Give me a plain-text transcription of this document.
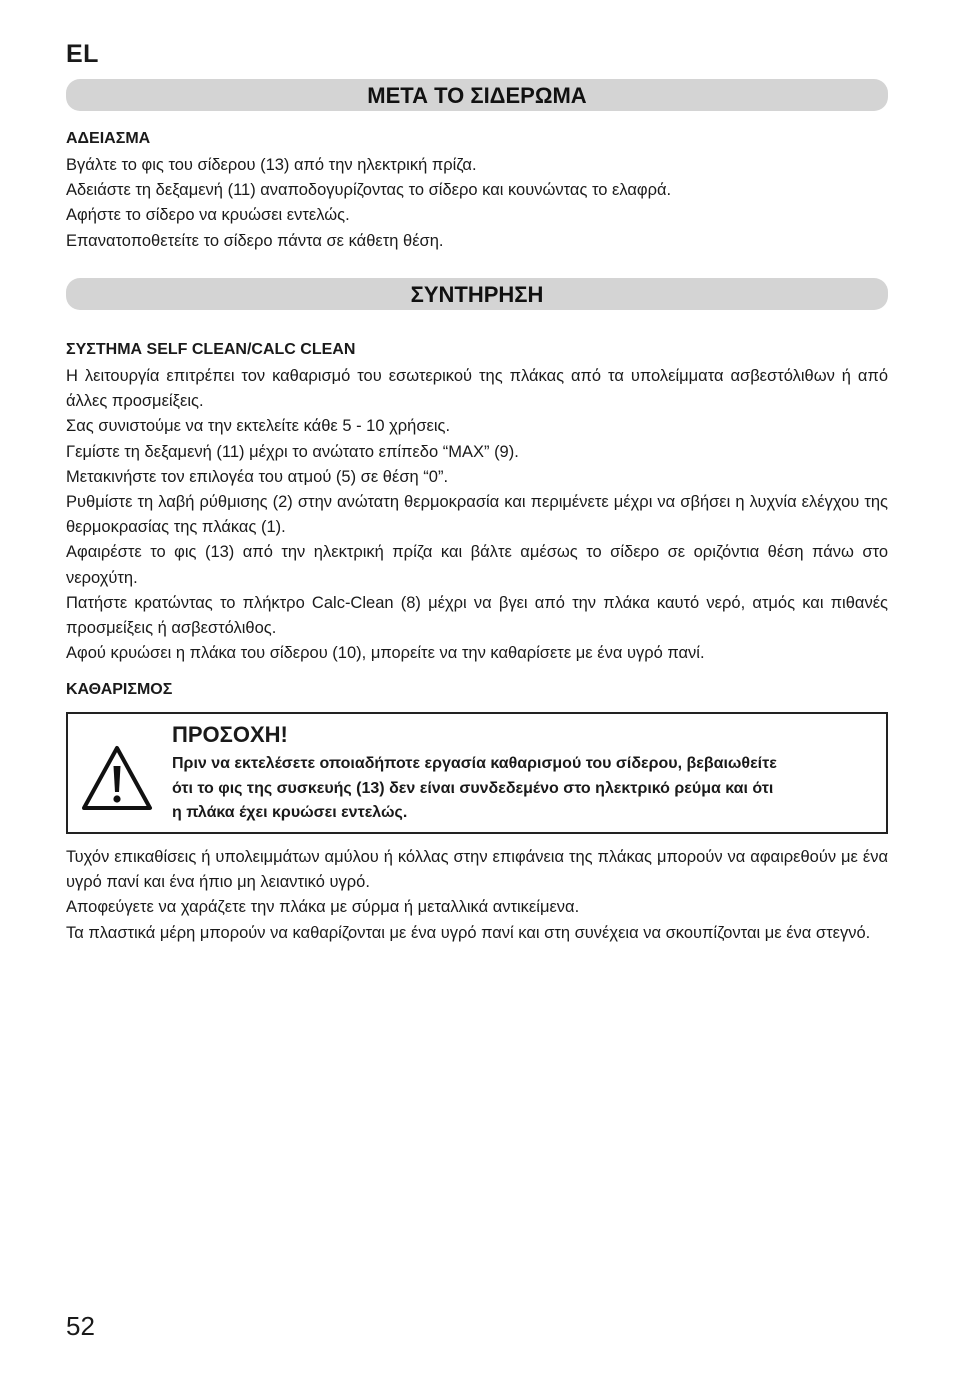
EL
ΜΕΤΑ ΤΟ ΣΙΔΕΡΩΜΑ
ΑΔΕΙΑΣΜΑ

Βγάλτε το φις του σίδερου (13) από την ηλεκτρική πρίζα.

Αδειάστε τη δεξαμενή (11) αναποδογυρίζοντας το σίδερο και κουνώντας το ελαφρά.

Αφήστε το σίδερο να κρυώσει εντελώς.

Επανατοποθετείτε το σίδερο πάντα σε κάθετη θέση.

ΣΥΝΤΗΡΗΣΗ
ΣΥΣΤΗΜΑ SELF CLEAN/CALC CLEAN

Η λειτουργία επιτρέπει τον καθαρισμό του εσωτερικού της πλάκας από τα υπολείμματα ασβεστόλιθων ή από άλλες προσμείξεις.

Σας συνιστούμε να την εκτελείτε κάθε 5 - 10 χρήσεις.

Γεμίστε τη δεξαμενή (11) μέχρι το ανώτατο επίπεδο “MAX” (9).

Μετακινήστε τον επιλογέα του ατμού (5) σε θέση “0”.

Ρυθμίστε τη λαβή ρύθμισης (2) στην ανώτατη θερμοκρασία και περιμένετε μέχρι να σβήσει η λυχνία ελέγχου της θερμοκρασίας της πλάκας (1).

Αφαιρέστε το φις (13) από την ηλεκτρική πρίζα και βάλτε αμέσως το σίδερο σε οριζόντια θέση πάνω στο νεροχύτη.

Πατήστε κρατώντας το πλήκτρο Calc-Clean (8) μέχρι να βγει από την πλάκα καυτό νερό, ατμός και πιθανές προσμείξεις ή ασβεστόλιθος.

Αφού κρυώσει η πλάκα του σίδερου (10), μπορείτε να την καθαρίσετε με ένα υγρό πανί.

ΚΑΘΑΡΙΣΜΟΣ
ΠΡΟΣΟΧΗ!

Πριν να εκτελέσετε οποιαδήποτε εργασία καθαρισμού του σίδερου, βεβαιωθείτε

ότι το φις της συσκευής (13) δεν είναι συνδεδεμένο στο ηλεκτρικό ρεύμα και ότι

η πλάκα έχει κρυώσει εντελώς.

Τυχόν επικαθίσεις ή υπολειμμάτων αμύλου ή κόλλας στην επιφάνεια της πλάκας μπορούν να αφαιρεθούν με ένα υγρό πανί και ένα ήπιο μη λειαντικό υγρό.

Αποφεύγετε να χαράζετε την πλάκα με σύρμα ή μεταλλικά αντικείμενα.

Τα πλαστικά μέρη μπορούν να καθαρίζονται με ένα υγρό πανί και στη συνέχεια να σκουπίζονται με ένα στεγνό.

52
